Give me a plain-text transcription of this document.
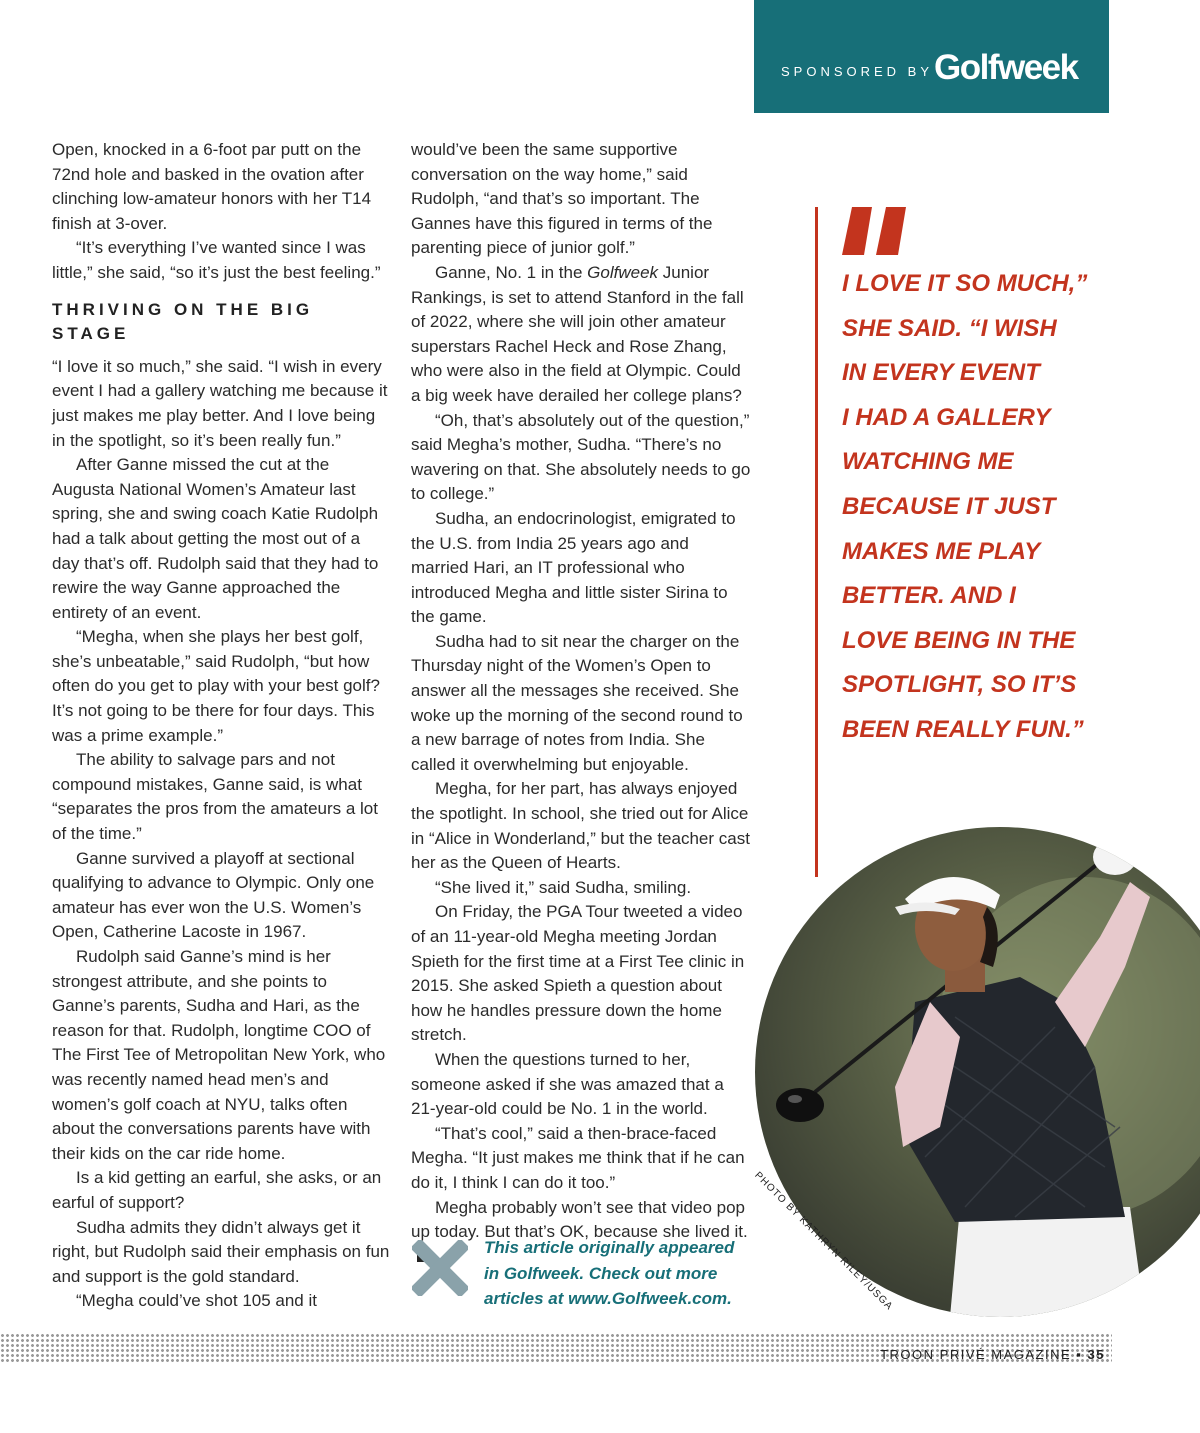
SPONSORED BY Golfweek

Open, knocked in a 6-foot par putt on the 72nd hole and basked in the ovation after clinching low-amateur honors with her T14 finish at 3-over.

“It’s everything I’ve wanted since I was little,” she said, “so it’s just the best feeling.”

THRIVING ON THE BIG STAGE

“I love it so much,” she said. “I wish in every event I had a gallery watching me because it just makes me play better. And I love being in the spotlight, so it’s been really fun.”

After Ganne missed the cut at the Augusta National Women’s Amateur last spring, she and swing coach Katie Rudolph had a talk about getting the most out of a day that’s off. Rudolph said that they had to rewire the way Ganne approached the entirety of an event.

“Megha, when she plays her best golf, she’s unbeatable,” said Rudolph, “but how often do you get to play with your best golf? It’s not going to be there for four days. This was a prime example.”

The ability to salvage pars and not compound mistakes, Ganne said, is what “separates the pros from the amateurs a lot of the time.”

Ganne survived a playoff at sectional qualifying to advance to Olympic. Only one amateur has ever won the U.S. Women’s Open, Catherine Lacoste in 1967.

Rudolph said Ganne’s mind is her strongest attribute, and she points to Ganne’s parents, Sudha and Hari, as the reason for that. Rudolph, longtime COO of The First Tee of Metropolitan New York, who was recently named head men’s and women’s golf coach at NYU, talks often about the conversations parents have with their kids on the car ride home.

Is a kid getting an earful, she asks, or an earful of support?

Sudha admits they didn’t always get it right, but Rudolph said their emphasis on fun and support is the gold standard.

“Megha could’ve shot 105 and it

would’ve been the same supportive conversation on the way home,” said Rudolph, “and that’s so important. The Gannes have this figured in terms of the parenting piece of junior golf.”

Ganne, No. 1 in the Golfweek Junior Rankings, is set to attend Stanford in the fall of 2022, where she will join other amateur superstars Rachel Heck and Rose Zhang, who were also in the field at Olympic. Could a big week have derailed her college plans?

“Oh, that’s absolutely out of the question,” said Megha’s mother, Sudha. “There’s no wavering on that. She absolutely needs to go to college.”

Sudha, an endocrinologist, emigrated to the U.S. from India 25 years ago and married Hari, an IT professional who introduced Megha and little sister Sirina to the game.

Sudha had to sit near the charger on the Thursday night of the Women’s Open to answer all the messages she received. She woke up the morning of the second round to a new barrage of notes from India. She called it overwhelming but enjoyable.

Megha, for her part, has always enjoyed the spotlight. In school, she tried out for Alice in “Alice in Wonderland,” but the teacher cast her as the Queen of Hearts.

“She lived it,” said Sudha, smiling.

On Friday, the PGA Tour tweeted a video of an 11-year-old Megha meeting Jordan Spieth for the first time at a First Tee clinic in 2015. She asked Spieth a question about how he handles pressure down the home stretch.

When the questions turned to her, someone asked if she was amazed that a 21-year-old could be No. 1 in the world.

“That’s cool,” said a then-brace-faced Megha. “It just makes me think that if he can do it, I think I can do it too.”

Megha probably won’t see that video pop up today. But that’s OK, because she lived it.

I LOVE IT SO MUCH,”
SHE SAID. “I WISH
IN EVERY EVENT
I HAD A GALLERY
WATCHING ME
BECAUSE IT JUST
MAKES ME PLAY
BETTER. AND I
LOVE BEING IN THE
SPOTLIGHT, SO IT’S
BEEN REALLY FUN.”
PHOTO BY KATHRYN RILEY/USGA
This article originally appeared
in Golfweek. Check out more
articles at www.Golfweek.com.
TROON PRIVÉ MAGAZINE ▪ 35
